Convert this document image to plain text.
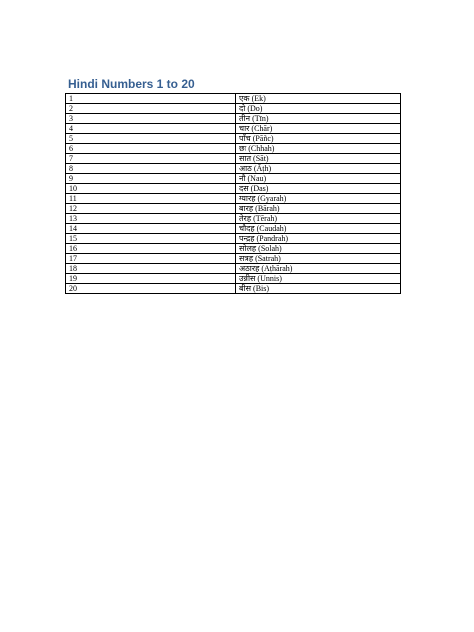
Hindi Numbers 1 to 20
1	एक (Ek)
2	दो (Do)
3	तीन (Tīn)
4	चार (Chār)
5	पाँच (Pāñc)
6	छः (Chhah)
7	सात (Sāt)
8	आठ (Āṭh)
9	नौ (Nau)
10	दस (Das)
11	ग्यारह (Gyarah)
12	बारह (Bārah)
13	तेरह (Tērah)
14	चौदह (Caudah)
15	पन्द्रह (Pandrah)
16	सोलह (Solah)
17	सत्रह (Satrah)
18	अठारह (Aṭhārah)
19	उन्नीस (Unnis)
20	बीस (Bis)
